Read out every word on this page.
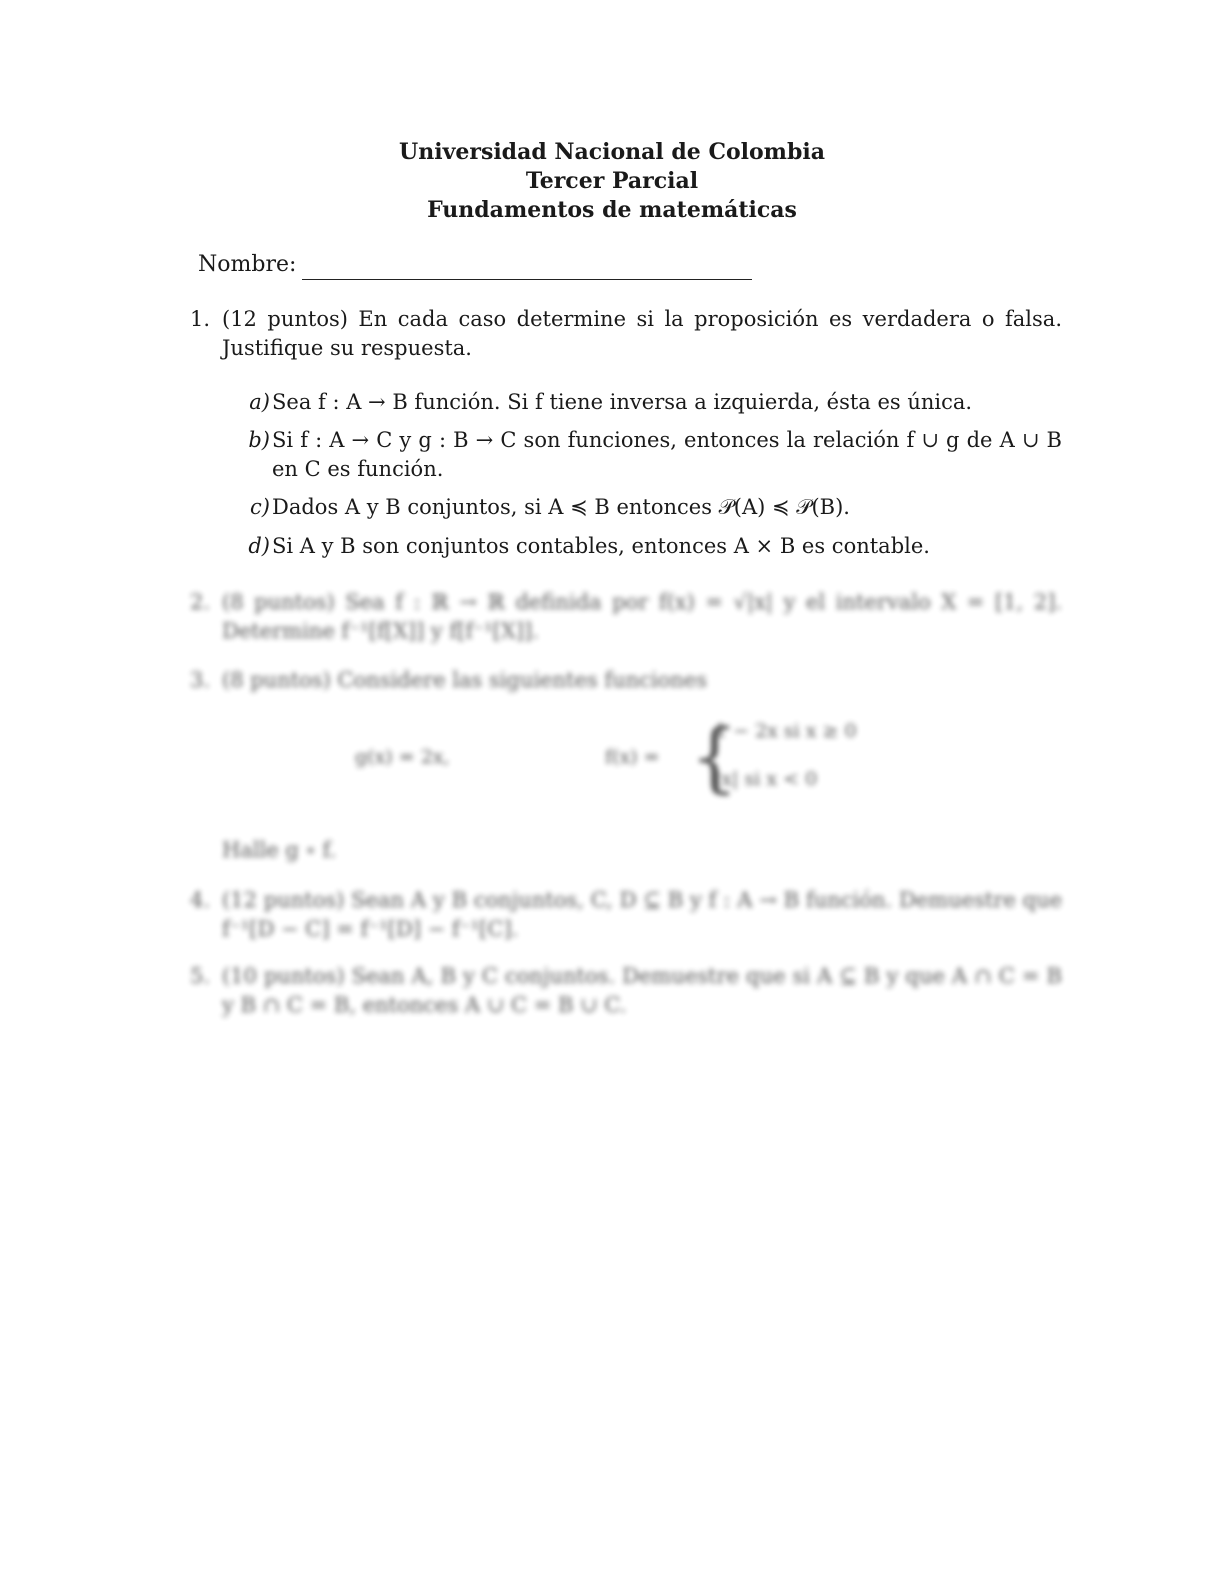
Universidad Nacional de Colombia
Tercer Parcial
Fundamentos de matemáticas
Nombre:
1. (12 puntos) En cada caso determine si la proposición es verdadera o falsa. Justifique su respuesta.
a) Sea f : A → B función. Si f tiene inversa a izquierda, ésta es única.
b) Si f : A → C y g : B → C son funciones, entonces la relación f ∪ g de A ∪ B en C es función.
c) Dados A y B conjuntos, si A ≼ B entonces 𝒫(A) ≼ 𝒫(B).
d) Si A y B son conjuntos contables, entonces A × B es contable.
2. (8 puntos) Sea f : ℝ → ℝ definida por f(x) = √|x| y el intervalo X = [1, 2]. Determine f⁻¹[f[X]] y f[f⁻¹[X]].
3. (8 puntos) Considere las siguientes funciones
g(x) = 2x,	f(x) = {
1 − 2x si x ≥ 0
|x| si x < 0
Halle g ∘ f.
4. (12 puntos) Sean A y B conjuntos, C, D ⊆ B y f : A → B función. Demuestre que f⁻¹[D − C] = f⁻¹[D] − f⁻¹[C].
5. (10 puntos) Sean A, B y C conjuntos. Demuestre que si A ⊆ B y que A ∩ C = B y B ∩ C = B, entonces A ∪ C = B ∪ C.
